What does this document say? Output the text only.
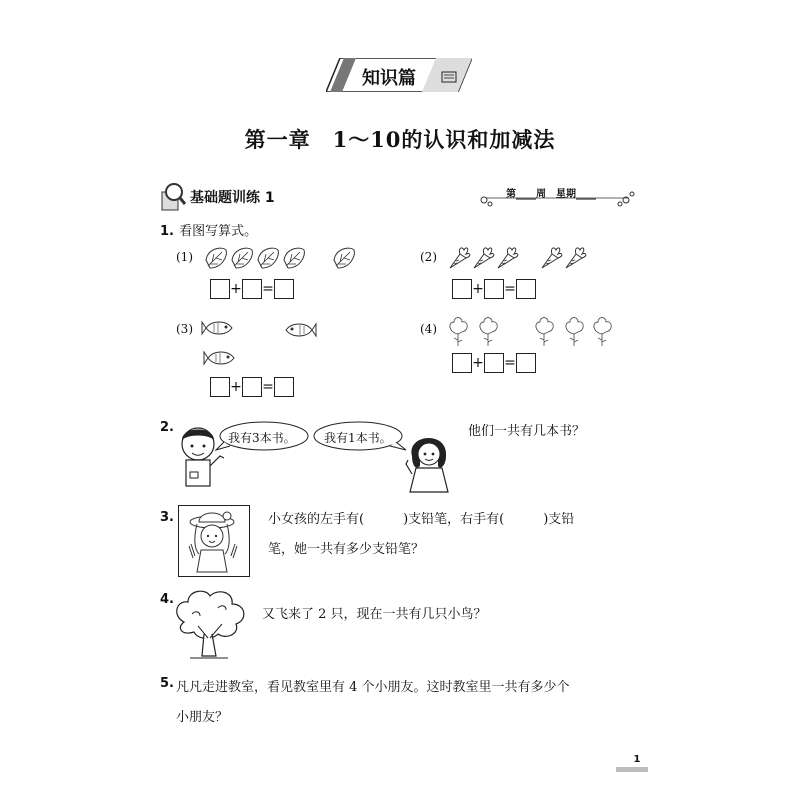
知识篇
第一章　1～10的认识和加减法
基础题训练 1	第____周　星期____
1. 看图写算式。
(1)
+ =
(2)
+ =
(3)
+ =
(4)
+ =
2.
我有3本书。 我有1本书。	他们一共有几本书？
3.	小女孩的左手有(　　　)支铅笔，右手有(　　　)支铅
笔，她一共有多少支铅笔？
4.
又飞来了 2 只，现在一共有几只小鸟？
5. 凡凡走进教室，看见教室里有 4 个小朋友。这时教室里一共有多少个
小朋友？
1
